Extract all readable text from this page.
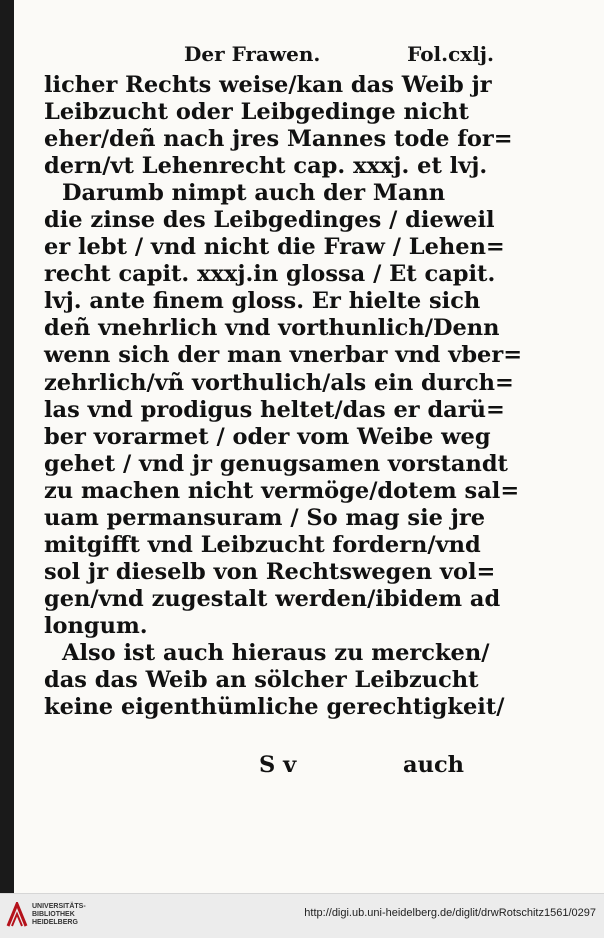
Der Frawen.	Fol.cxlj.
licher Rechts weise/kan das Weib jr
Leibzucht oder Leibgedinge nicht
eher/deñ nach jres Mannes tode for=
dern/vt Lehenrecht cap. xxxj. et lvj.
Darumb nimpt auch der Mann
die zinse des Leibgedinges / dieweil
er lebt / vnd nicht die Fraw / Lehen=
recht capit. xxxj.in glossa / Et capit.
lvj. ante finem gloss. Er hielte sich
deñ vnehrlich vnd vorthunlich/Denn
wenn sich der man vnerbar vnd vber=
zehrlich/vñ vorthulich/als ein durch=
las vnd prodigus heltet/das er darü=
ber vorarmet / oder vom Weibe weg
gehet / vnd jr genugsamen vorstandt
zu machen nicht vermöge/dotem sal=
uam permansuram / So mag sie jre
mitgifft vnd Leibzucht fordern/vnd
sol jr dieselb von Rechtswegen vol=
gen/vnd zugestalt werden/ibidem ad
longum.
Also ist auch hieraus zu mercken/
das das Weib an sölcher Leibzucht
keine eigenthümliche gerechtigkeit/
S v	auch
UNIVERSITÄTS-
BIBLIOTHEK
HEIDELBERG
http://digi.ub.uni-heidelberg.de/diglit/drwRotschitz1561/0297
